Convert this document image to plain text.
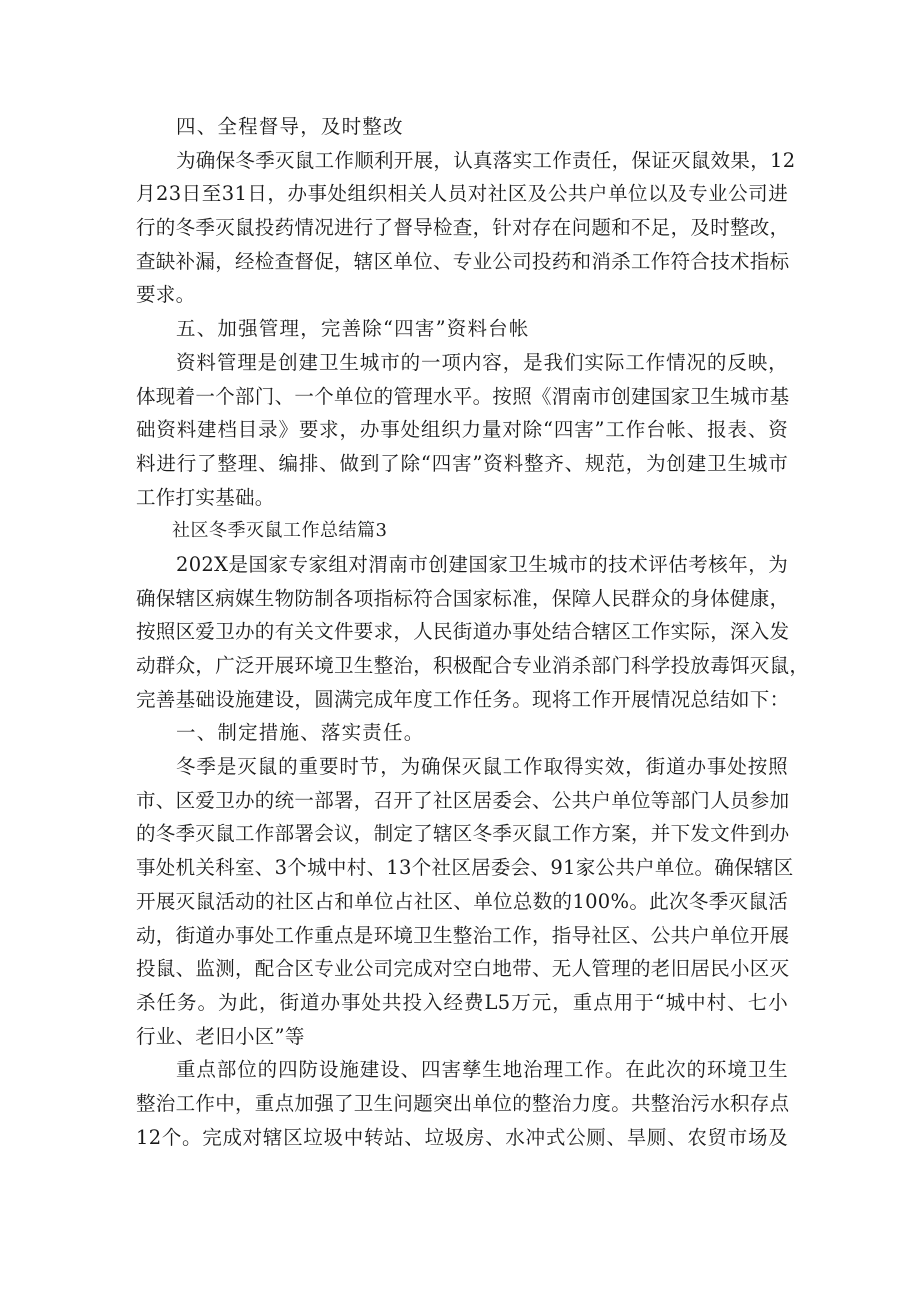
四、全程督导，及时整改
为确保冬季灭鼠工作顺利开展，认真落实工作责任，保证灭鼠效果，12
月23日至31日，办事处组织相关人员对社区及公共户单位以及专业公司进
行的冬季灭鼠投药情况进行了督导检查，针对存在问题和不足，及时整改，
查缺补漏，经检查督促，辖区单位、专业公司投药和消杀工作符合技术指标
要求。
五、加强管理，完善除“四害”资料台帐
资料管理是创建卫生城市的一项内容，是我们实际工作情况的反映，
体现着一个部门、一个单位的管理水平。按照《渭南市创建国家卫生城市基
础资料建档目录》要求，办事处组织力量对除“四害”工作台帐、报表、资
料进行了整理、编排、做到了除“四害”资料整齐、规范，为创建卫生城市
工作打实基础。
社区冬季灭鼠工作总结篇3
202X是国家专家组对渭南市创建国家卫生城市的技术评估考核年，为
确保辖区病媒生物防制各项指标符合国家标准，保障人民群众的身体健康，
按照区爱卫办的有关文件要求，人民街道办事处结合辖区工作实际，深入发
动群众，广泛开展环境卫生整治，积极配合专业消杀部门科学投放毒饵灭鼠，
完善基础设施建设，圆满完成年度工作任务。现将工作开展情况总结如下：
一、制定措施、落实责任。
冬季是灭鼠的重要时节，为确保灭鼠工作取得实效，街道办事处按照
市、区爱卫办的统一部署，召开了社区居委会、公共户单位等部门人员参加
的冬季灭鼠工作部署会议，制定了辖区冬季灭鼠工作方案，并下发文件到办
事处机关科室、3个城中村、13个社区居委会、91家公共户单位。确保辖区
开展灭鼠活动的社区占和单位占社区、单位总数的100%。此次冬季灭鼠活
动，街道办事处工作重点是环境卫生整治工作，指导社区、公共户单位开展
投鼠、监测，配合区专业公司完成对空白地带、无人管理的老旧居民小区灭
杀任务。为此，街道办事处共投入经费L5万元，重点用于“城中村、七小
行业、老旧小区”等
重点部位的四防设施建设、四害孳生地治理工作。在此次的环境卫生
整治工作中，重点加强了卫生问题突出单位的整治力度。共整治污水积存点
12个。完成对辖区垃圾中转站、垃圾房、水冲式公厕、旱厕、农贸市场及
